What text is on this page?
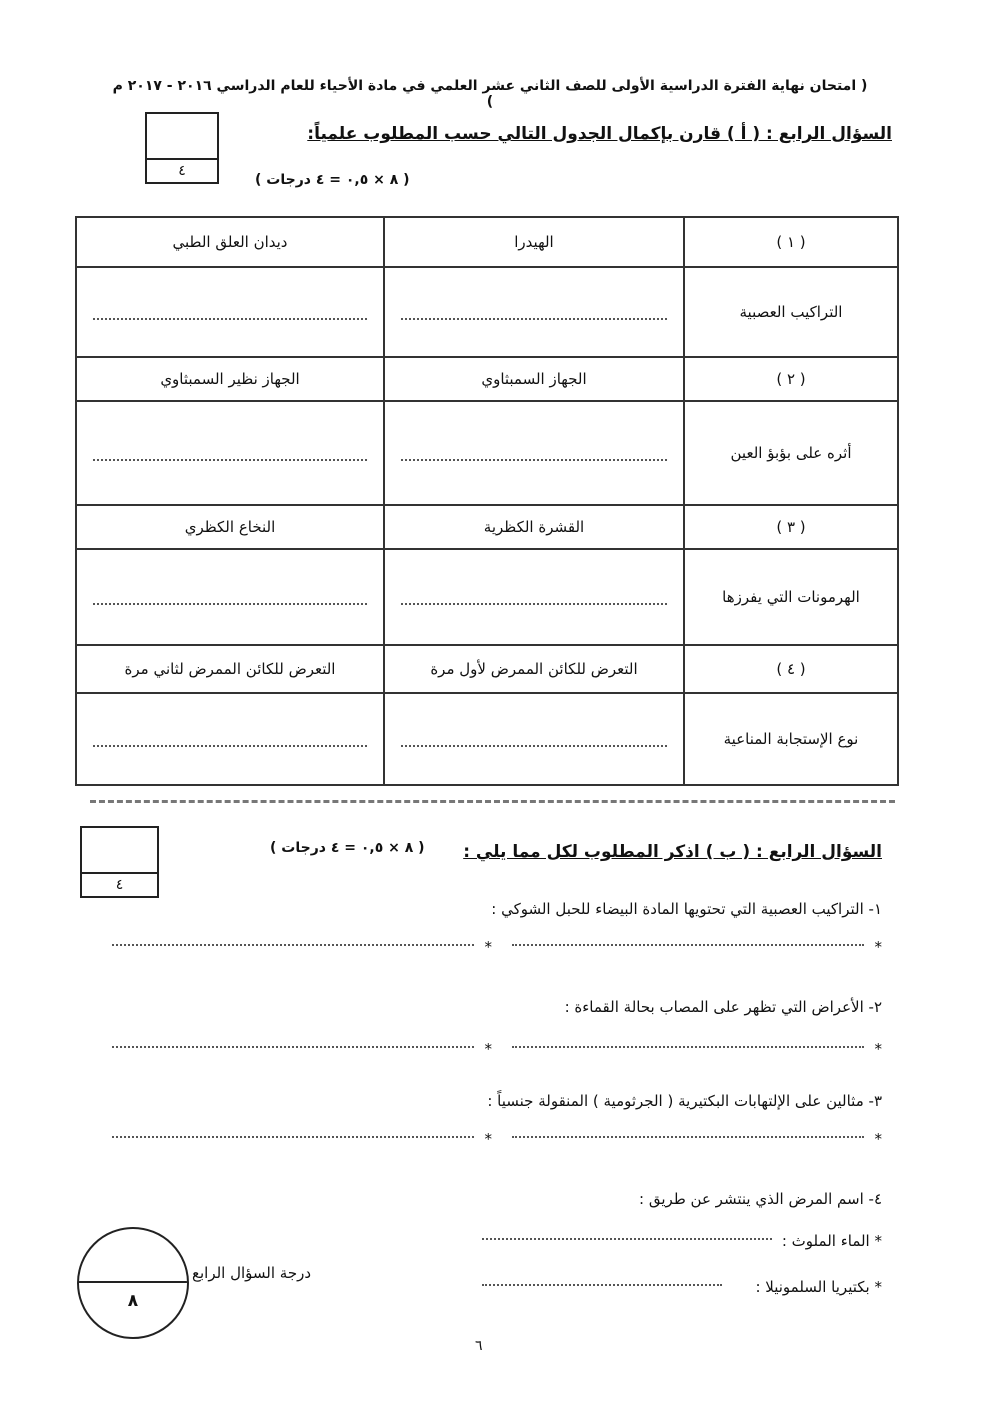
( امتحان نهاية الفترة الدراسية الأولى للصف الثاني عشر العلمي في مادة الأحياء للعام الدراسي ٢٠١٦ - ٢٠١٧ م )
٤
السؤال الرابع : ( أ ) قارن بإكمال الجدول التالي حسب المطلوب علمياً:
( ٨ × ٠,٥ = ٤ درجات )
( ١ )	الهيدرا	ديدان العلق الطبي
التراكيب العصبية	

( ٢ )	الجهاز السمبثاوي	الجهاز نظير السمبثاوي
أثره على بؤبؤ العين	

( ٣ )	القشرة الكظرية	النخاع الكظري
الهرمونات التي يفرزها	

( ٤ )	التعرض للكائن الممرض لأول مرة	التعرض للكائن الممرض لثاني مرة
نوع الإستجابة المناعية	

٤
السؤال الرابع : ( ب ) اذكر المطلوب لكل مما يلي :
( ٨ × ٠,٥ = ٤ درجات )
١- التراكيب العصبية التي تحتويها المادة البيضاء للحبل الشوكي :
*
*
٢- الأعراض التي تظهر على المصاب بحالة القماءة :
*
*
٣- مثالين على الإلتهابات البكتيرية ( الجرثومية ) المنقولة جنسياً :
*
*
٤- اسم المرض الذي ينتشر عن طريق :
* الماء الملوث :
* بكتيريا السلمونيلا :
٨
درجة السؤال الرابع
٦
